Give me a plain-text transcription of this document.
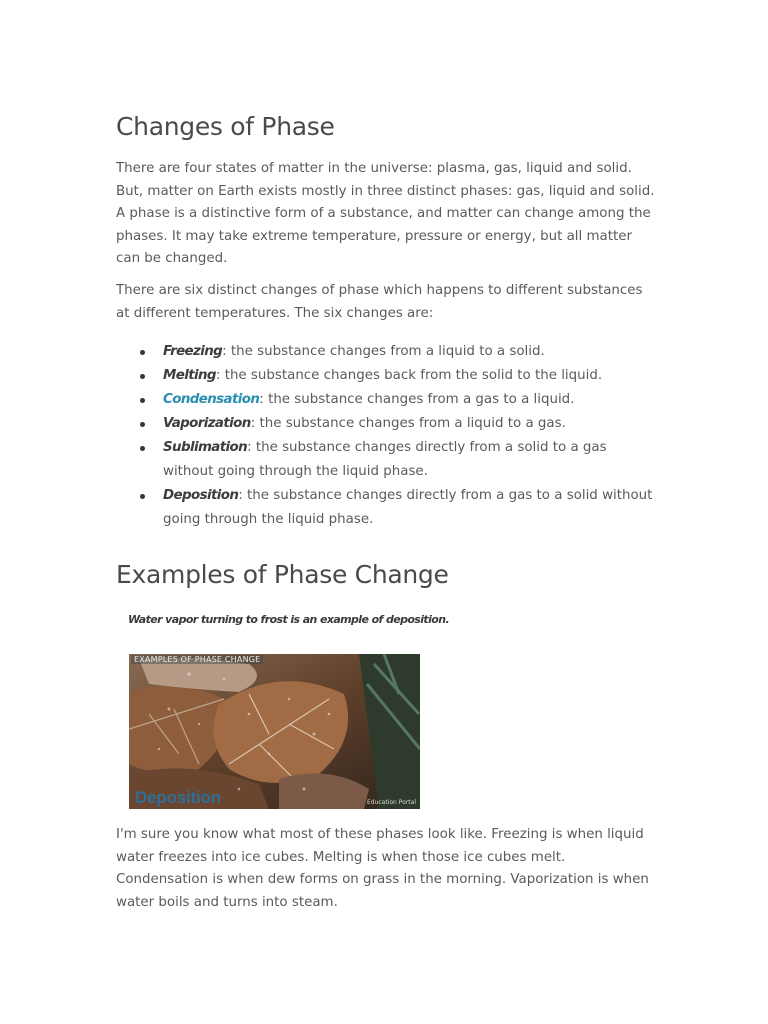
Changes of Phase

There are four states of matter in the universe: plasma, gas, liquid and solid. But, matter on Earth exists mostly in three distinct phases: gas, liquid and solid. A phase is a distinctive form of a substance, and matter can change among the phases. It may take extreme temperature, pressure or energy, but all matter can be changed.

There are six distinct changes of phase which happens to different substances at different temperatures. The six changes are:

Freezing: the substance changes from a liquid to a solid.
Melting: the substance changes back from the solid to the liquid.
Condensation: the substance changes from a gas to a liquid.
Vaporization: the substance changes from a liquid to a gas.
Sublimation: the substance changes directly from a solid to a gas without going through the liquid phase.
Deposition: the substance changes directly from a gas to a solid without going through the liquid phase.
Examples of Phase Change
Water vapor turning to frost is an example of deposition.
EXAMPLES OF PHASE CHANGE
Deposition	Education Portal

I'm sure you know what most of these phases look like. Freezing is when liquid water freezes into ice cubes. Melting is when those ice cubes melt. Condensation is when dew forms on grass in the morning. Vaporization is when water boils and turns into steam.
